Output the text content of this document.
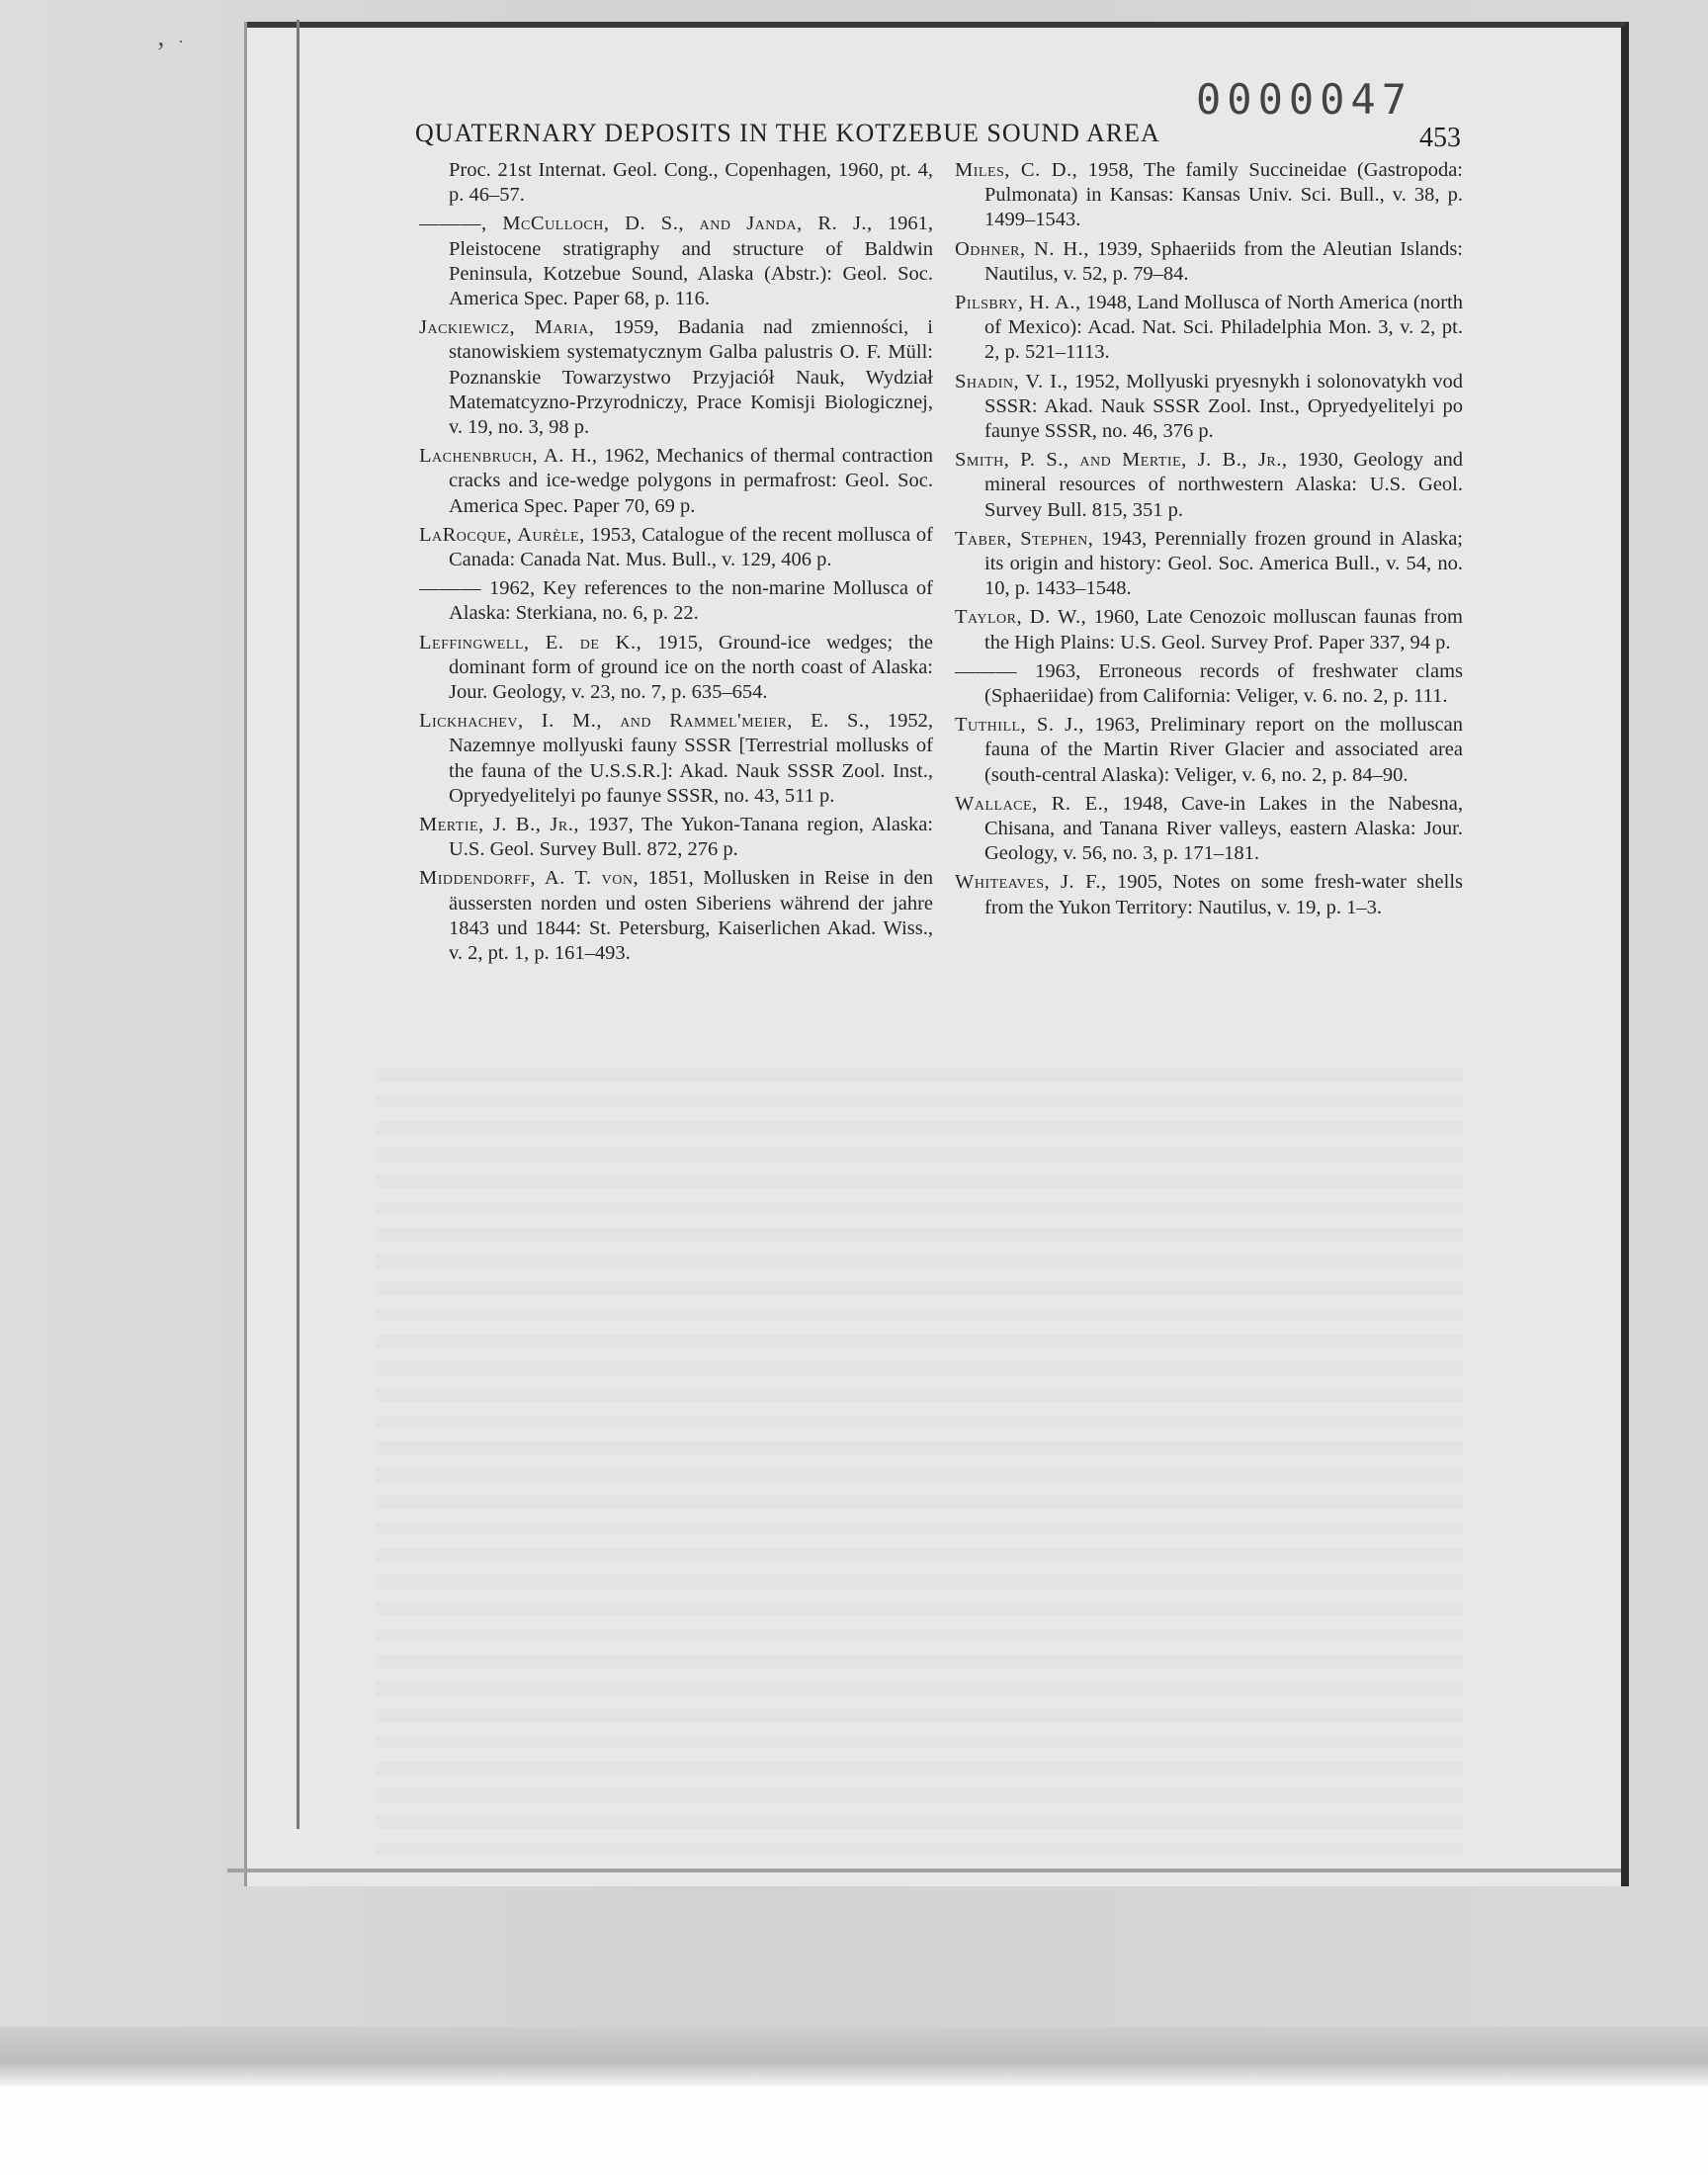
ʼ ·
0000047
QUATERNARY DEPOSITS IN THE KOTZEBUE SOUND AREA	453

Proc. 21st Internat. Geol. Cong., Copenhagen, 1960, pt. 4, p. 46–57.

———, McCulloch, D. S., and Janda, R. J., 1961, Pleistocene stratigraphy and structure of Baldwin Peninsula, Kotzebue Sound, Alaska (Abstr.): Geol. Soc. America Spec. Paper 68, p. 116.

Jackiewicz, Maria, 1959, Badania nad zmienności, i stanowiskiem systematycznym Galba palustris O. F. Müll: Poznanskie Towarzystwo Przyjaciół Nauk, Wydział Matematcyzno-Przyrodniczy, Prace Komisji Biologicznej, v. 19, no. 3, 98 p.

Lachenbruch, A. H., 1962, Mechanics of thermal contraction cracks and ice-wedge polygons in permafrost: Geol. Soc. America Spec. Paper 70, 69 p.

LaRocque, Aurèle, 1953, Catalogue of the recent mollusca of Canada: Canada Nat. Mus. Bull., v. 129, 406 p.

——— 1962, Key references to the non-marine Mollusca of Alaska: Sterkiana, no. 6, p. 22.

Leffingwell, E. de K., 1915, Ground-ice wedges; the dominant form of ground ice on the north coast of Alaska: Jour. Geology, v. 23, no. 7, p. 635–654.

Lickhachev, I. M., and Rammel'meier, E. S., 1952, Nazemnye mollyuski fauny SSSR [Terrestrial mollusks of the fauna of the U.S.S.R.]: Akad. Nauk SSSR Zool. Inst., Opryedyelitelyi po faunye SSSR, no. 43, 511 p.

Mertie, J. B., Jr., 1937, The Yukon-Tanana region, Alaska: U.S. Geol. Survey Bull. 872, 276 p.

Middendorff, A. T. von, 1851, Mollusken in Reise in den äussersten norden und osten Siberiens während der jahre 1843 und 1844: St. Petersburg, Kaiserlichen Akad. Wiss., v. 2, pt. 1, p. 161–493.

Miles, C. D., 1958, The family Succineidae (Gastropoda: Pulmonata) in Kansas: Kansas Univ. Sci. Bull., v. 38, p. 1499–1543.

Odhner, N. H., 1939, Sphaeriids from the Aleutian Islands: Nautilus, v. 52, p. 79–84.

Pilsbry, H. A., 1948, Land Mollusca of North America (north of Mexico): Acad. Nat. Sci. Philadelphia Mon. 3, v. 2, pt. 2, p. 521–1113.

Shadin, V. I., 1952, Mollyuski pryesnykh i solonovatykh vod SSSR: Akad. Nauk SSSR Zool. Inst., Opryedyelitelyi po faunye SSSR, no. 46, 376 p.

Smith, P. S., and Mertie, J. B., Jr., 1930, Geology and mineral resources of northwestern Alaska: U.S. Geol. Survey Bull. 815, 351 p.

Taber, Stephen, 1943, Perennially frozen ground in Alaska; its origin and history: Geol. Soc. America Bull., v. 54, no. 10, p. 1433–1548.

Taylor, D. W., 1960, Late Cenozoic molluscan faunas from the High Plains: U.S. Geol. Survey Prof. Paper 337, 94 p.

——— 1963, Erroneous records of freshwater clams (Sphaeriidae) from California: Veliger, v. 6. no. 2, p. 111.

Tuthill, S. J., 1963, Preliminary report on the molluscan fauna of the Martin River Glacier and associated area (south-central Alaska): Veliger, v. 6, no. 2, p. 84–90.

Wallace, R. E., 1948, Cave-in Lakes in the Nabesna, Chisana, and Tanana River valleys, eastern Alaska: Jour. Geology, v. 56, no. 3, p. 171–181.

Whiteaves, J. F., 1905, Notes on some fresh-water shells from the Yukon Territory: Nautilus, v. 19, p. 1–3.
